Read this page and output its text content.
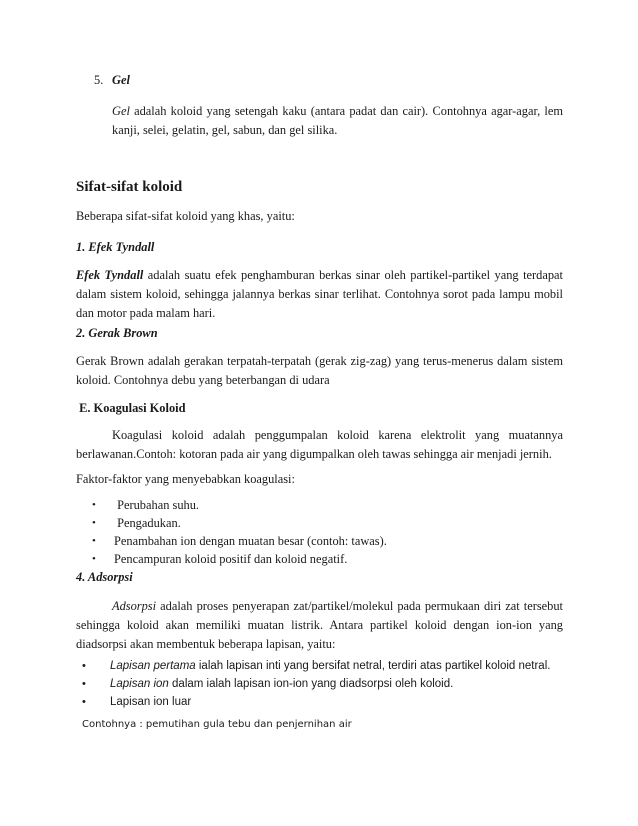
5. Gel
Gel adalah koloid yang setengah kaku (antara padat dan cair). Contohnya agar-agar, lem kanji, selei, gelatin, gel, sabun, dan gel silika.
Sifat-sifat koloid
Beberapa sifat-sifat koloid yang khas, yaitu:
1. Efek Tyndall
Efek Tyndall adalah suatu efek penghamburan berkas sinar oleh partikel-partikel yang terdapat dalam sistem koloid, sehingga jalannya berkas sinar terlihat. Contohnya sorot pada lampu mobil dan motor pada malam hari.
2. Gerak Brown
Gerak Brown adalah gerakan terpatah-terpatah (gerak zig-zag) yang terus-menerus dalam sistem koloid. Contohnya debu yang beterbangan di udara
E. Koagulasi Koloid
Koagulasi koloid adalah penggumpalan koloid karena elektrolit yang muatannya berlawanan.Contoh: kotoran pada air yang digumpalkan oleh tawas sehingga air menjadi jernih.
Faktor-faktor yang menyebabkan koagulasi:
• Perubahan suhu.
• Pengadukan.
• Penambahan ion dengan muatan besar (contoh: tawas).
• Pencampuran koloid positif dan koloid negatif.
4. Adsorpsi
Adsorpsi adalah proses penyerapan zat/partikel/molekul pada permukaan diri zat tersebut sehingga koloid akan memiliki muatan listrik. Antara partikel koloid dengan ion-ion yang diadsorpsi akan membentuk beberapa lapisan, yaitu:
• Lapisan pertama ialah lapisan inti yang bersifat netral, terdiri atas partikel koloid netral.
• Lapisan ion dalam ialah lapisan ion-ion yang diadsorpsi oleh koloid.
• Lapisan ion luar
Contohnya : pemutihan gula tebu dan penjernihan air
